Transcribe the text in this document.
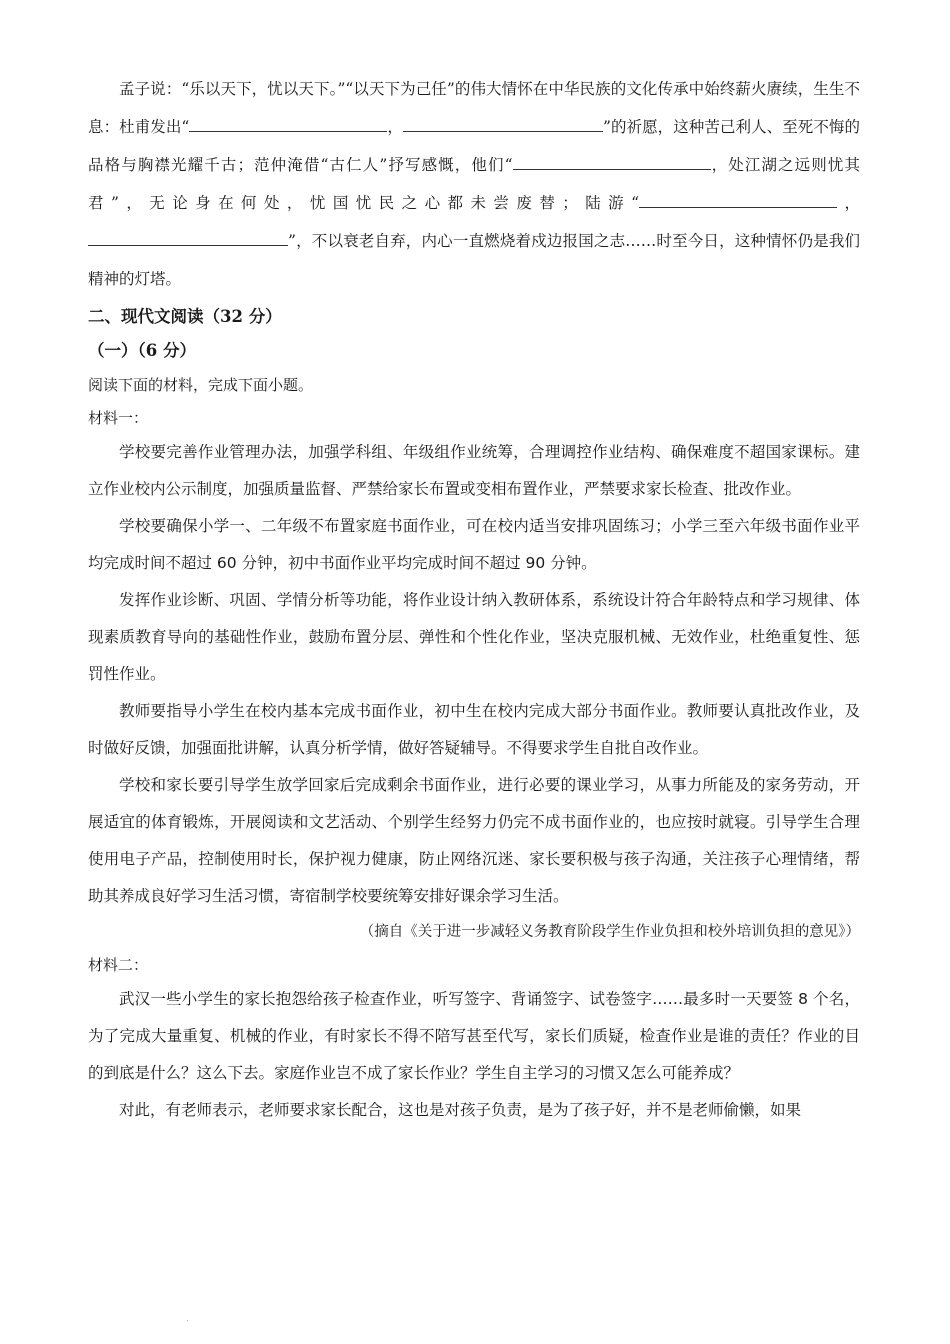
孟子说：“乐以天下，忧以天下。”“以天下为己任”的伟大情怀在中华民族的文化传承中始终薪火赓续，生生不息：杜甫发出“	，	”的祈愿，这种苦己利人、至死不悔的品格与胸襟光耀千古；范仲淹借“古仁人”抒写感慨，他们“	，处江湖之远则忧其君”，无论身在何处，忧国忧民之心都未尝废替；陆游“	，”，不以衰老自弃，内心一直燃烧着戍边报国之志……时至今日，这种情怀仍是我们精神的灯塔。

二、现代文阅读（32 分）

（一）（6 分）

阅读下面的材料，完成下面小题。

材料一：

学校要完善作业管理办法，加强学科组、年级组作业统筹，合理调控作业结构、确保难度不超国家课标。建立作业校内公示制度，加强质量监督、严禁给家长布置或变相布置作业，严禁要求家长检查、批改作业。

学校要确保小学一、二年级不布置家庭书面作业，可在校内适当安排巩固练习；小学三至六年级书面作业平均完成时间不超过 60 分钟，初中书面作业平均完成时间不超过 90 分钟。

发挥作业诊断、巩固、学情分析等功能，将作业设计纳入教研体系，系统设计符合年龄特点和学习规律、体现素质教育导向的基础性作业，鼓励布置分层、弹性和个性化作业，坚决克服机械、无效作业，杜绝重复性、惩罚性作业。

教师要指导小学生在校内基本完成书面作业，初中生在校内完成大部分书面作业。教师要认真批改作业，及时做好反馈，加强面批讲解，认真分析学情，做好答疑辅导。不得要求学生自批自改作业。

学校和家长要引导学生放学回家后完成剩余书面作业，进行必要的课业学习，从事力所能及的家务劳动，开展适宜的体育锻炼，开展阅读和文艺活动、个别学生经努力仍完不成书面作业的，也应按时就寝。引导学生合理使用电子产品，控制使用时长，保护视力健康，防止网络沉迷、家长要积极与孩子沟通，关注孩子心理情绪，帮助其养成良好学习生活习惯，寄宿制学校要统筹安排好课余学习生活。

（摘自《关于进一步减轻义务教育阶段学生作业负担和校外培训负担的意见》）

材料二：

武汉一些小学生的家长抱怨给孩子检查作业，听写签字、背诵签字、试卷签字……最多时一天要签 8 个名，为了完成大量重复、机械的作业，有时家长不得不陪写甚至代写，家长们质疑，检查作业是谁的责任？作业的目的到底是什么？这么下去。家庭作业岂不成了家长作业？学生自主学习的习惯又怎么可能养成？

对此，有老师表示，老师要求家长配合，这也是对孩子负责，是为了孩子好，并不是老师偷懒，如果

.
